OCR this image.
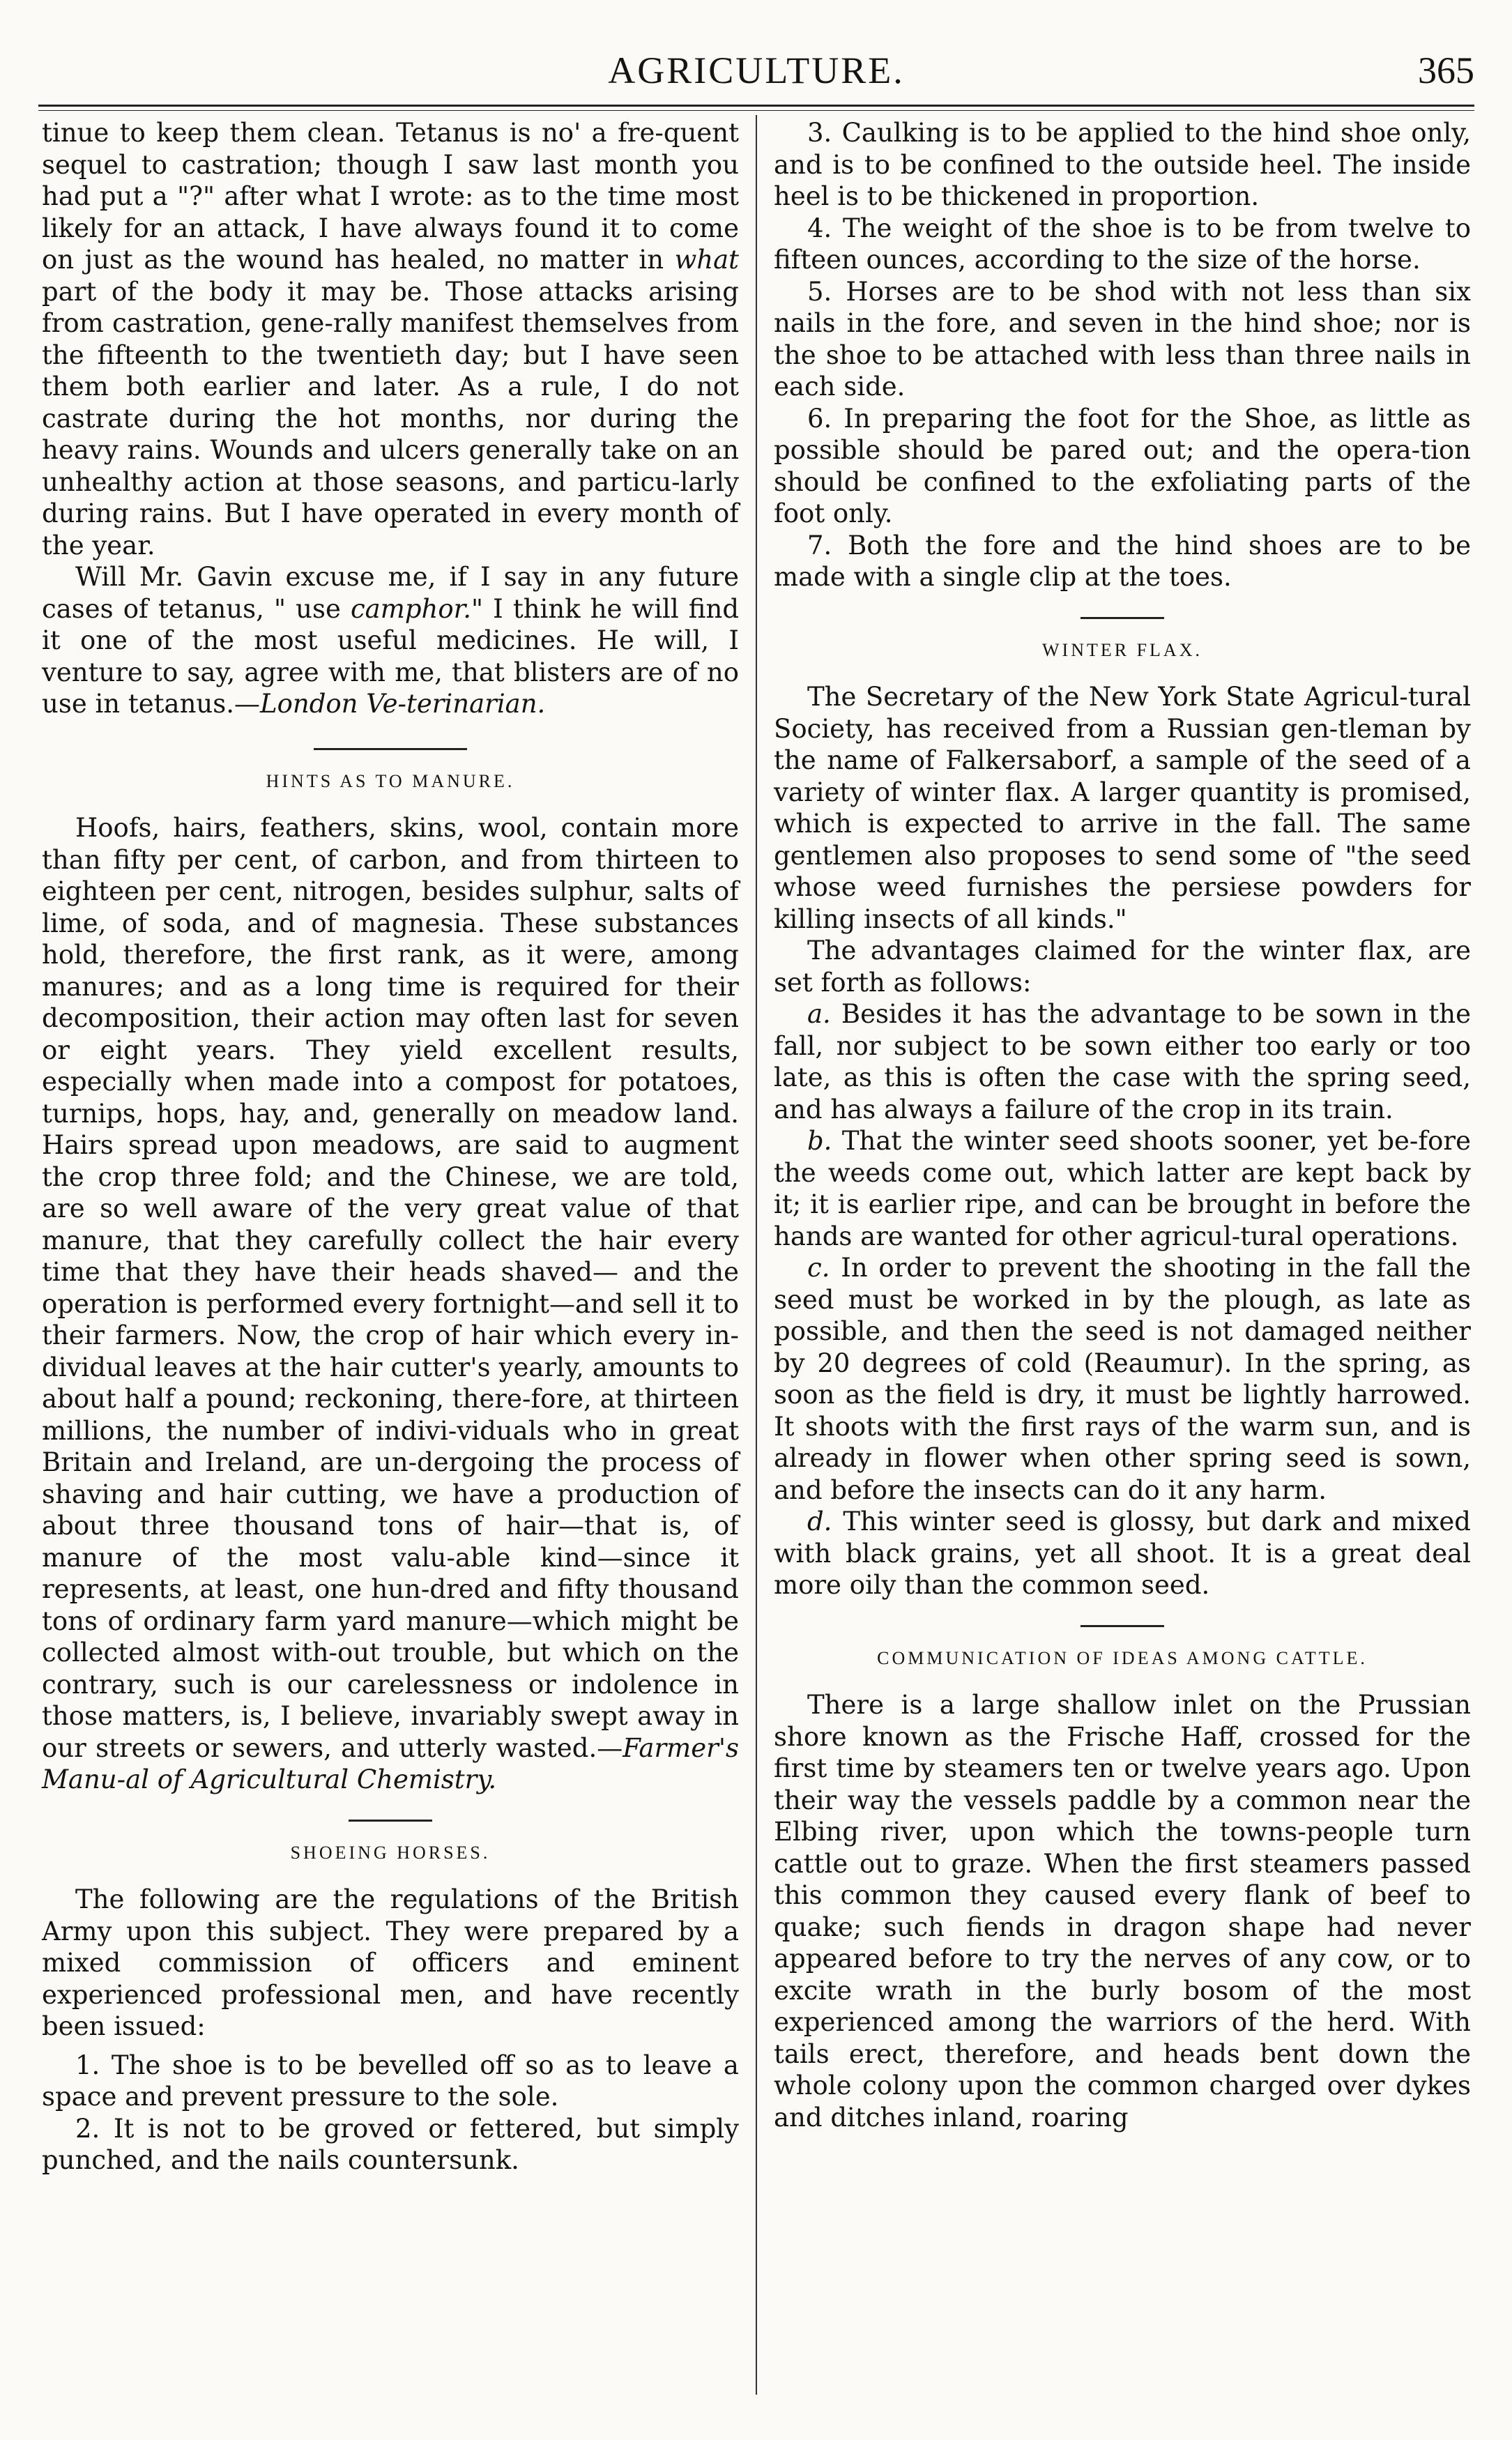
AGRICULTURE.	365

tinue to keep them clean. Tetanus is no' a fre-quent sequel to castration; though I saw last month you had put a "?" after what I wrote: as to the time most likely for an attack, I have always found it to come on just as the wound has healed, no matter in what part of the body it may be. Those attacks arising from castration, gene-rally manifest themselves from the fifteenth to the twentieth day; but I have seen them both earlier and later. As a rule, I do not castrate during the hot months, nor during the heavy rains. Wounds and ulcers generally take on an unhealthy action at those seasons, and particu-larly during rains. But I have operated in every month of the year.

Will Mr. Gavin excuse me, if I say in any future cases of tetanus, " use camphor." I think he will find it one of the most useful medicines. He will, I venture to say, agree with me, that blisters are of no use in tetanus.—London Ve-terinarian.

HINTS AS TO MANURE.

Hoofs, hairs, feathers, skins, wool, contain more than fifty per cent, of carbon, and from thirteen to eighteen per cent, nitrogen, besides sulphur, salts of lime, of soda, and of magnesia. These substances hold, therefore, the first rank, as it were, among manures; and as a long time is required for their decomposition, their action may often last for seven or eight years. They yield excellent results, especially when made into a compost for potatoes, turnips, hops, hay, and, generally on meadow land. Hairs spread upon meadows, are said to augment the crop three fold; and the Chinese, we are told, are so well aware of the very great value of that manure, that they carefully collect the hair every time that they have their heads shaved— and the operation is performed every fortnight—and sell it to their farmers. Now, the crop of hair which every in-dividual leaves at the hair cutter's yearly, amounts to about half a pound; reckoning, there-fore, at thirteen millions, the number of indivi-viduals who in great Britain and Ireland, are un-dergoing the process of shaving and hair cutting, we have a production of about three thousand tons of hair—that is, of manure of the most valu-able kind—since it represents, at least, one hun-dred and fifty thousand tons of ordinary farm yard manure—which might be collected almost with-out trouble, but which on the contrary, such is our carelessness or indolence in those matters, is, I believe, invariably swept away in our streets or sewers, and utterly wasted.—Farmer's Manu-al of Agricultural Chemistry.

SHOEING HORSES.

The following are the regulations of the British Army upon this subject. They were prepared by a mixed commission of officers and eminent experienced professional men, and have recently been issued:

1. The shoe is to be bevelled off so as to leave a space and prevent pressure to the sole.

2. It is not to be groved or fettered, but simply punched, and the nails countersunk.

3. Caulking is to be applied to the hind shoe only, and is to be confined to the outside heel. The inside heel is to be thickened in proportion.

4. The weight of the shoe is to be from twelve to fifteen ounces, according to the size of the horse.

5. Horses are to be shod with not less than six nails in the fore, and seven in the hind shoe; nor is the shoe to be attached with less than three nails in each side.

6. In preparing the foot for the Shoe, as little as possible should be pared out; and the opera-tion should be confined to the exfoliating parts of the foot only.

7. Both the fore and the hind shoes are to be made with a single clip at the toes.

WINTER FLAX.

The Secretary of the New York State Agricul-tural Society, has received from a Russian gen-tleman by the name of Falkersaborf, a sample of the seed of a variety of winter flax. A larger quantity is promised, which is expected to arrive in the fall. The same gentlemen also proposes to send some of "the seed whose weed furnishes the persiese powders for killing insects of all kinds."

The advantages claimed for the winter flax, are set forth as follows:

a. Besides it has the advantage to be sown in the fall, nor subject to be sown either too early or too late, as this is often the case with the spring seed, and has always a failure of the crop in its train.

b. That the winter seed shoots sooner, yet be-fore the weeds come out, which latter are kept back by it; it is earlier ripe, and can be brought in before the hands are wanted for other agricul-tural operations.

c. In order to prevent the shooting in the fall the seed must be worked in by the plough, as late as possible, and then the seed is not damaged neither by 20 degrees of cold (Reaumur). In the spring, as soon as the field is dry, it must be lightly harrowed. It shoots with the first rays of the warm sun, and is already in flower when other spring seed is sown, and before the insects can do it any harm.

d. This winter seed is glossy, but dark and mixed with black grains, yet all shoot. It is a great deal more oily than the common seed.

COMMUNICATION OF IDEAS AMONG CATTLE.

There is a large shallow inlet on the Prussian shore known as the Frische Haff, crossed for the first time by steamers ten or twelve years ago. Upon their way the vessels paddle by a common near the Elbing river, upon which the towns-people turn cattle out to graze. When the first steamers passed this common they caused every flank of beef to quake; such fiends in dragon shape had never appeared before to try the nerves of any cow, or to excite wrath in the burly bosom of the most experienced among the warriors of the herd. With tails erect, therefore, and heads bent down the whole colony upon the common charged over dykes and ditches inland, roaring
